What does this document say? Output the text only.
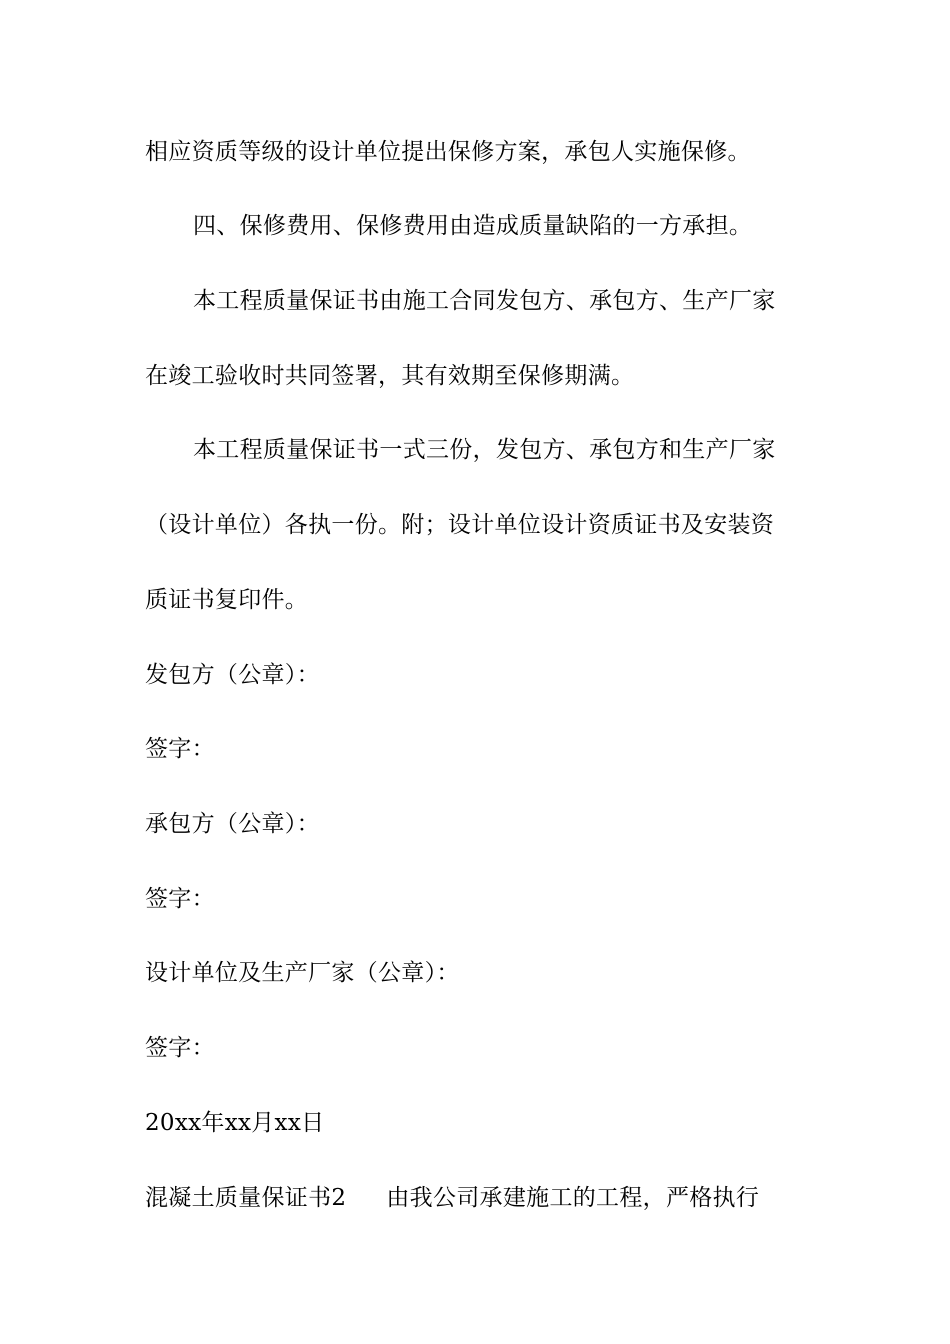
相应资质等级的设计单位提出保修方案，承包人实施保修。
四、保修费用、保修费用由造成质量缺陷的一方承担。
本工程质量保证书由施工合同发包方、承包方、生产厂家
在竣工验收时共同签署，其有效期至保修期满。
本工程质量保证书一式三份，发包方、承包方和生产厂家
（设计单位）各执一份。附；设计单位设计资质证书及安装资
质证书复印件。
发包方（公章）：
签字：
承包方（公章）：
签字：
设计单位及生产厂家（公章）：
签字：
20xx年xx月xx日
混凝土质量保证书2 由我公司承建施工的工程，严格执行
